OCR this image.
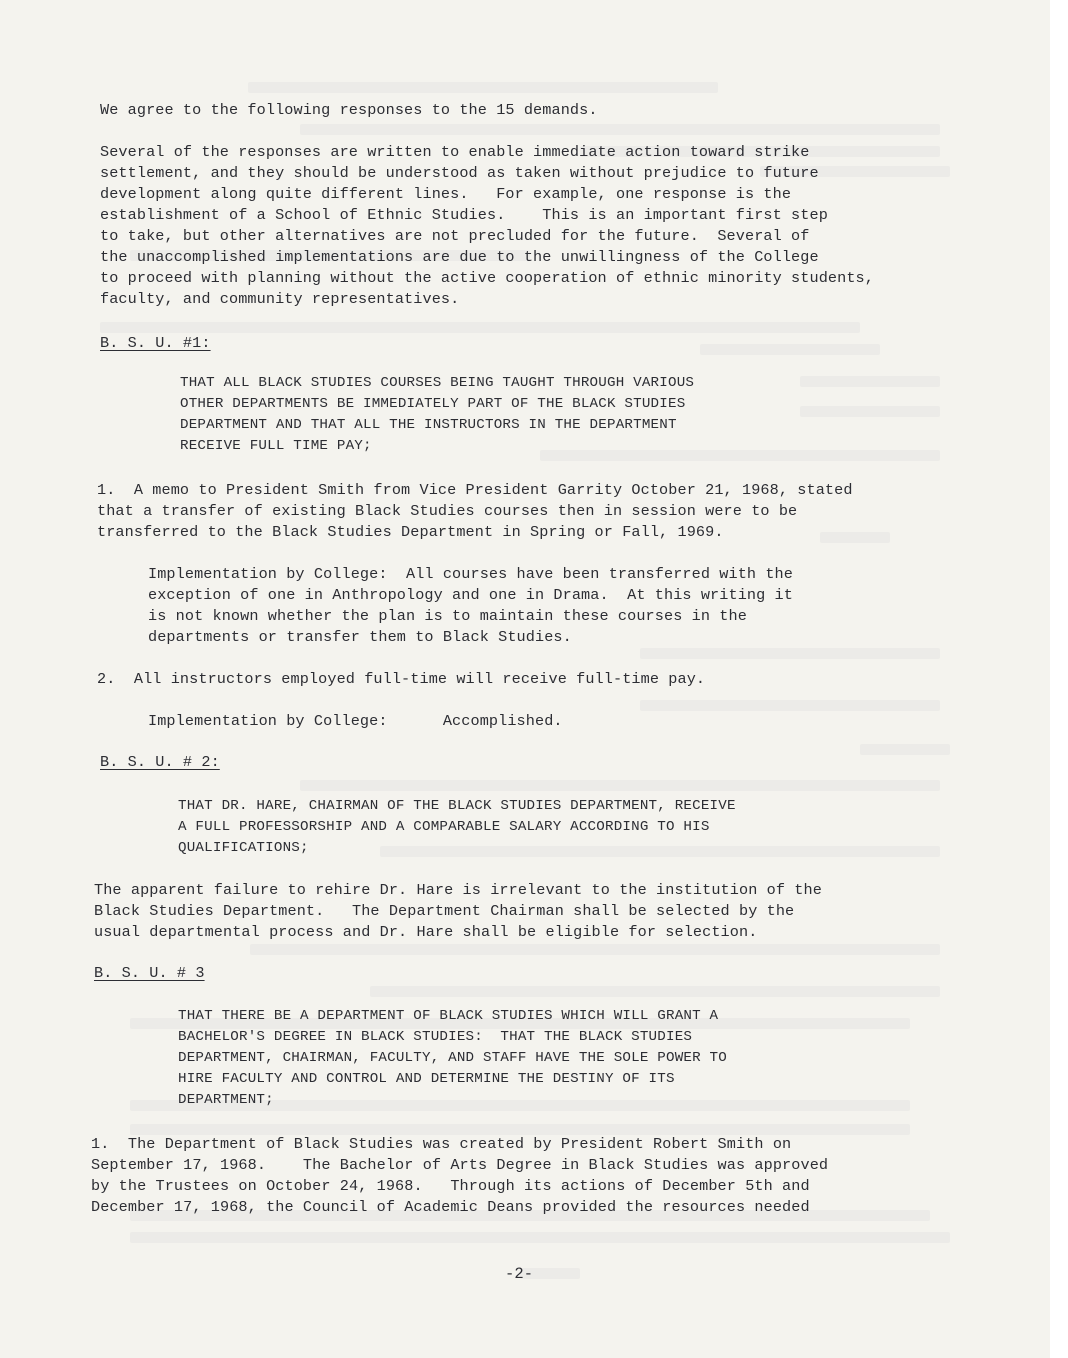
We agree to the following responses to the 15 demands.
Several of the responses are written to enable immediate action toward strike
settlement, and they should be understood as taken without prejudice to future
development along quite different lines.   For example, one response is the
establishment of a School of Ethnic Studies.    This is an important first step
to take, but other alternatives are not precluded for the future.  Several of
the unaccomplished implementations are due to the unwillingness of the College
to proceed with planning without the active cooperation of ethnic minority students,
faculty, and community representatives.
B. S. U. #1:
THAT ALL BLACK STUDIES COURSES BEING TAUGHT THROUGH VARIOUS
OTHER DEPARTMENTS BE IMMEDIATELY PART OF THE BLACK STUDIES
DEPARTMENT AND THAT ALL THE INSTRUCTORS IN THE DEPARTMENT
RECEIVE FULL TIME PAY;
1.  A memo to President Smith from Vice President Garrity October 21, 1968, stated
that a transfer of existing Black Studies courses then in session were to be
transferred to the Black Studies Department in Spring or Fall, 1969.
Implementation by College:  All courses have been transferred with the
exception of one in Anthropology and one in Drama.  At this writing it
is not known whether the plan is to maintain these courses in the
departments or transfer them to Black Studies.
2.  All instructors employed full-time will receive full-time pay.
Implementation by College:      Accomplished.
B. S. U. # 2:
THAT DR. HARE, CHAIRMAN OF THE BLACK STUDIES DEPARTMENT, RECEIVE
A FULL PROFESSORSHIP AND A COMPARABLE SALARY ACCORDING TO HIS
QUALIFICATIONS;
The apparent failure to rehire Dr. Hare is irrelevant to the institution of the
Black Studies Department.   The Department Chairman shall be selected by the
usual departmental process and Dr. Hare shall be eligible for selection.
B. S. U. # 3
THAT THERE BE A DEPARTMENT OF BLACK STUDIES WHICH WILL GRANT A
BACHELOR'S DEGREE IN BLACK STUDIES:  THAT THE BLACK STUDIES
DEPARTMENT, CHAIRMAN, FACULTY, AND STAFF HAVE THE SOLE POWER TO
HIRE FACULTY AND CONTROL AND DETERMINE THE DESTINY OF ITS
DEPARTMENT;
1.  The Department of Black Studies was created by President Robert Smith on
September 17, 1968.    The Bachelor of Arts Degree in Black Studies was approved
by the Trustees on October 24, 1968.   Through its actions of December 5th and
December 17, 1968, the Council of Academic Deans provided the resources needed
-2-
